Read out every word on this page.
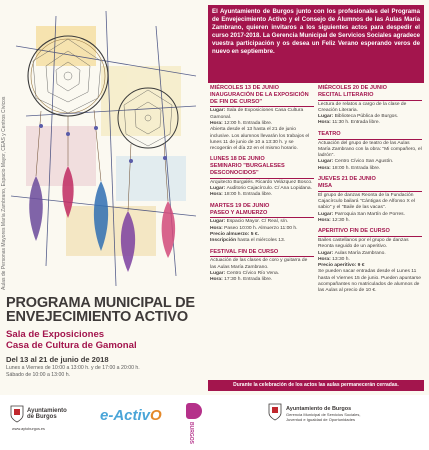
Aulas de Personas Mayores María Zambrano, Espacio Mayor, CEAS y Centros Cívicos
PROGRAMA MUNICIPAL DE
ENVEJECIMIENTO ACTIVO
Sala de Exposiciones
Casa de Cultura de Gamonal
Del 13 al 21 de junio de 2018
Lunes a Viernes de 10:00 a 13:00 h. y de 17:00 a 20:00 h.
Sábado de 10:00 a 13:00 h.
El Ayuntamiento de Burgos junto con los profesionales del Programa de Envejecimiento Activo y el Consejo de Alumnos de las Aulas María Zambrano, quieren invitaros a los siguientes actos para despedir el curso 2017-2018. La Gerencia Municipal de Servicios Sociales agradece vuestra participación y os desea un Feliz Verano esperando veros de nuevo en septiembre.
MIÉRCOLES 13 DE JUNIO
INAUGURACIÓN DE LA EXPOSICIÓN DE FIN DE CURSO"
Lugar: Sala de Exposiciones Casa Cultura Gamonal.
Hora: 12:00 h. Entrada libre.
Abierta desde el 13 hasta el 21 de junio inclusive. Los alumnos llevarán los trabajos el lunes 11 de junio de 10 a 13:30 h. y se recogerán el día 22 en el mismo horario.
LUNES 18 DE JUNIO
SEMINARIO "BURGALESES DESCONOCIDOS"
Arquitecto Burgalés. Ricardo Velázquez Bosco.
Lugar: Auditorio Cajacírculo. C/ Ana Lopidana.
Hora: 18:00 h. Entrada libre.
MARTES 19 DE JUNIO
PASEO Y ALMUERZO
Lugar: Espacio Mayor. C/ Real, s/n.
Hora: Paseo 10:00 h. Almuerzo 11:00 h.
Precio almuerzo: 5 €.
Inscripción hasta el miércoles 13.
FESTIVAL FIN DE CURSO
Actuación de las clases de coro y guitarra de las Aulas María Zambrano.
Lugar: Centro Cívico Río Vena.
Hora: 17:30 h. Entrada libre.
MIÉRCOLES 20 DE JUNIO
RECITAL LITERARIO
Lectura de relatos a cargo de la clase de Creación Literaria.
Lugar: Biblioteca Pública de Burgos.
Hora: 11:30 h. Entrada libre.
TEATRO
Actuación del grupo de teatro de las Aulas María Zambrano con la obra: "Mi compañero, el ladrón".
Lugar: Centro Cívico San Agustín.
Hora: 18:00 h. Entrada libre.
JUEVES 21 DE JUNIO
MISA
El grupo de danzas Reonta de la Fundación Cajacírculo bailará "Cántigas de Alfonso X el sabio" y el "Baile de las vacas".
Lugar: Parroquia San Martín de Porres.
Hora: 12:30 h.
APERITIVO FIN DE CURSO
Bailes castellanos por el grupo de danzas Reonta seguido de un aperitivo.
Lugar: Aulas María Zambrano.
Hora: 13:30 h.
Precio aperitivo: 9 €
Se pueden sacar entradas desde el Lunes 11 hasta el Viernes 15 de junio. Pueden apuntarse acompañantes no matriculados de alumnos de las Aulas al precio de 10 €.
Durante la celebración de los actos las aulas permanecerán cerradas.
Ayuntamiento
de Burgos
www.aytoburgos.es
e-ActivO
BURGOS
Ayuntamiento de Burgos
Gerencia Municipal de Servicios Sociales,
Juventud e Igualdad de Oportunidades
